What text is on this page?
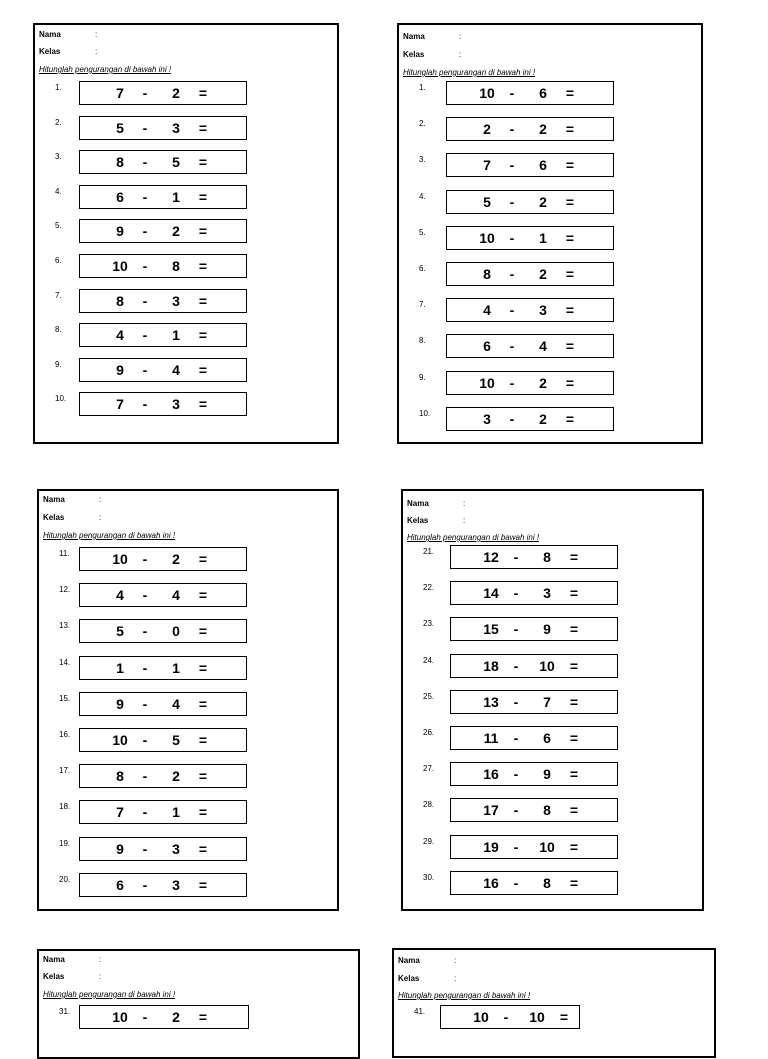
Nama	:
Kelas	:
Hitunglah pengurangan di bawah ini !
1.	7	-	2	=
2.	5	-	3	=
3.	8	-	5	=
4.	6	-	1	=
5.	9	-	2	=
6.	10	-	8	=
7.	8	-	3	=
8.	4	-	1	=
9.	9	-	4	=
10.	7	-	3	=
Nama	:
Kelas	:
Hitunglah pengurangan di bawah ini !
1.	10	-	6	=
2.	2	-	2	=
3.	7	-	6	=
4.	5	-	2	=
5.	10	-	1	=
6.	8	-	2	=
7.	4	-	3	=
8.	6	-	4	=
9.	10	-	2	=
10.	3	-	2	=
Nama	:
Kelas	:
Hitunglah pengurangan di bawah ini !
11.	10	-	2	=
12.	4	-	4	=
13.	5	-	0	=
14.	1	-	1	=
15.	9	-	4	=
16.	10	-	5	=
17.	8	-	2	=
18.	7	-	1	=
19.	9	-	3	=
20.	6	-	3	=
Nama	:
Kelas	:
Hitunglah pengurangan di bawah ini !
21.	12	-	8	=
22.	14	-	3	=
23.	15	-	9	=
24.	18	-	10	=
25.	13	-	7	=
26.	11	-	6	=
27.	16	-	9	=
28.	17	-	8	=
29.	19	-	10	=
30.	16	-	8	=
Nama	:
Kelas	:
Hitunglah pengurangan di bawah ini !
31.	10	-	2	=
Nama	:
Kelas	:
Hitunglah pengurangan di bawah ini !
41.	10	-	10	=
